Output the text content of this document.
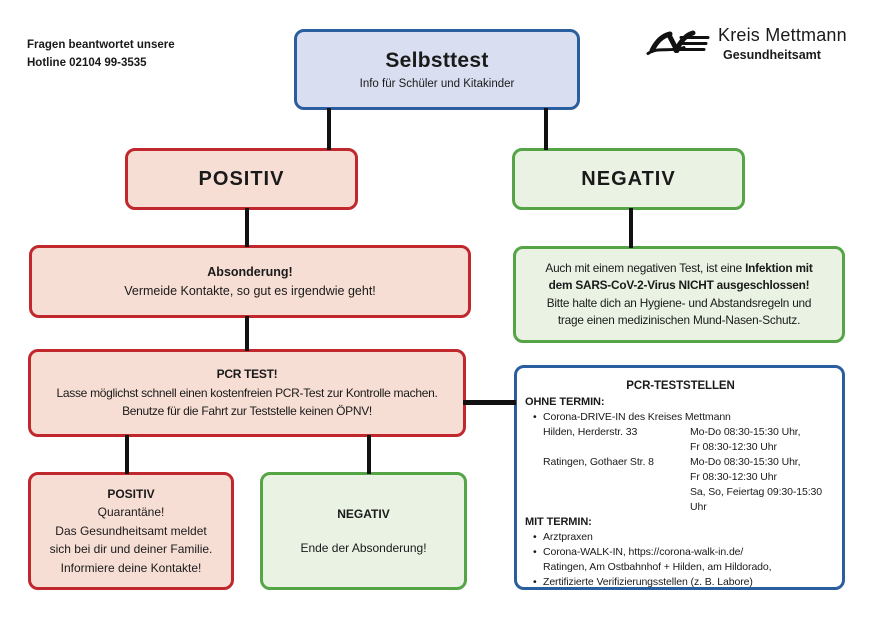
Fragen beantwortet unsere
Hotline 02104 99-3535	Selbsttest
Info für Schüler und Kitakinder
Kreis Mettmann
Gesundheitsamt
POSITIV	NEGATIV
Absonderung!
Vermeide Kontakte, so gut es irgendwie geht!
Auch mit einem negativen Test, ist eine Infektion mit
dem SARS-CoV-2-Virus NICHT ausgeschlossen!
Bitte halte dich an Hygiene- und Abstandsregeln und
trage einen medizinischen Mund-Nasen-Schutz.
PCR TEST!
Lasse möglichst schnell einen kostenfreien PCR-Test zur Kontrolle machen.
Benutze für die Fahrt zur Teststelle keinen ÖPNV!
PCR-TESTSTELLEN
OHNE TERMIN:
• Corona-DRIVE-IN des Kreises Mettmann
Hilden, Herderstr. 33	Mo-Do 08:30-15:30 Uhr,
Fr 08:30-12:30 Uhr
Ratingen, Gothaer Str. 8	Mo-Do 08:30-15:30 Uhr,
Fr 08:30-12:30 Uhr
Sa, So, Feiertag 09:30-15:30 Uhr
MIT TERMIN:
• Arztpraxen
• Corona-WALK-IN, https://corona-walk-in.de/
Ratingen, Am Ostbahnhof + Hilden, am Hildorado,
• Zertifizierte Verifizierungsstellen (z. B. Labore)
POSITIV
Quarantäne!
Das Gesundheitsamt meldet
sich bei dir und deiner Familie.
Informiere deine Kontakte!
NEGATIV
Ende der Absonderung!
